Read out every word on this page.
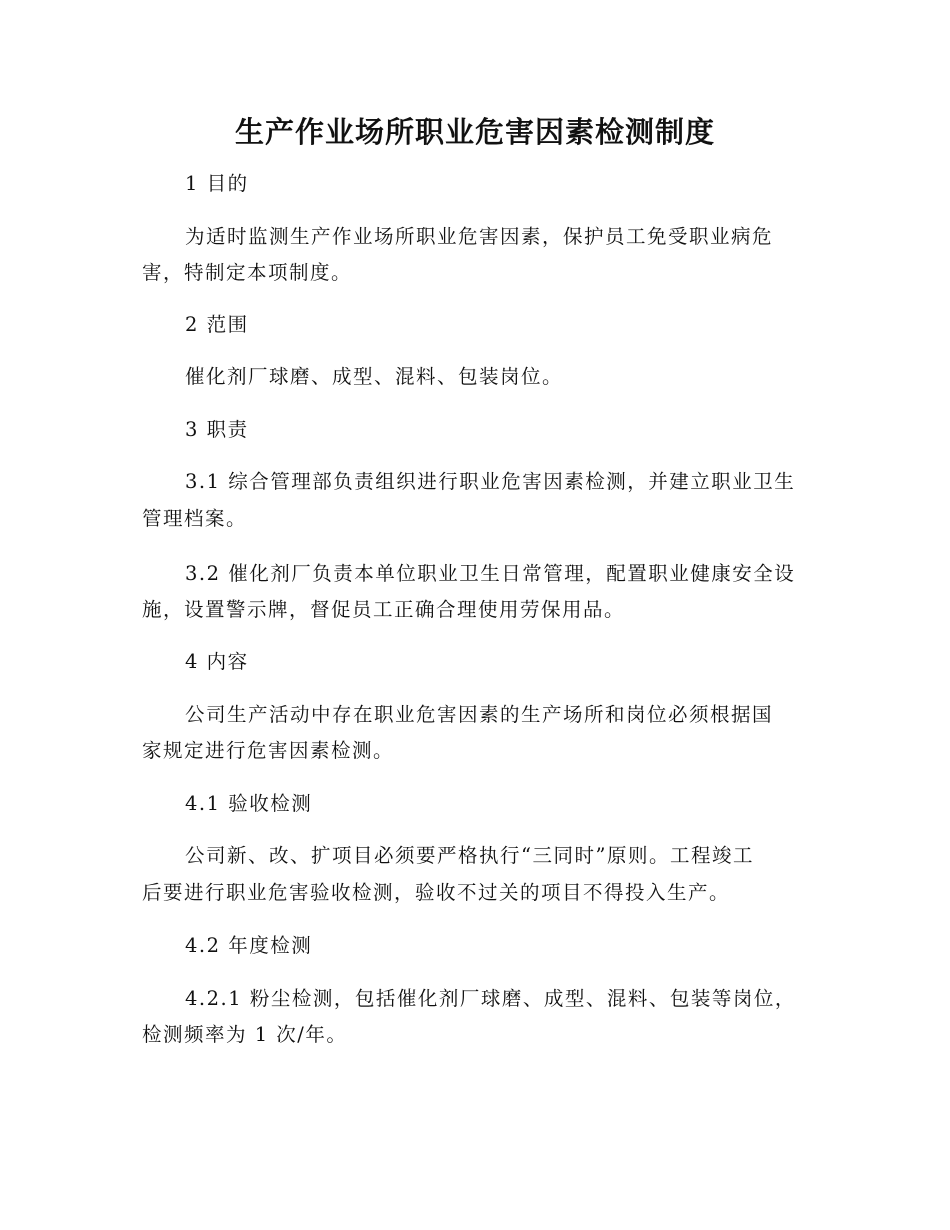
生产作业场所职业危害因素检测制度
1 目的
为适时监测生产作业场所职业危害因素，保护员工免受职业病危
害，特制定本项制度。
2 范围
催化剂厂球磨、成型、混料、包装岗位。
3 职责
3.1 综合管理部负责组织进行职业危害因素检测，并建立职业卫生
管理档案。
3.2 催化剂厂负责本单位职业卫生日常管理，配置职业健康安全设
施，设置警示牌，督促员工正确合理使用劳保用品。
4 内容
公司生产活动中存在职业危害因素的生产场所和岗位必须根据国
家规定进行危害因素检测。
4.1 验收检测
公司新、改、扩项目必须要严格执行“三同时”原则。工程竣工
后要进行职业危害验收检测，验收不过关的项目不得投入生产。
4.2 年度检测
4.2.1 粉尘检测，包括催化剂厂球磨、成型、混料、包装等岗位，
检测频率为 1 次/年。
